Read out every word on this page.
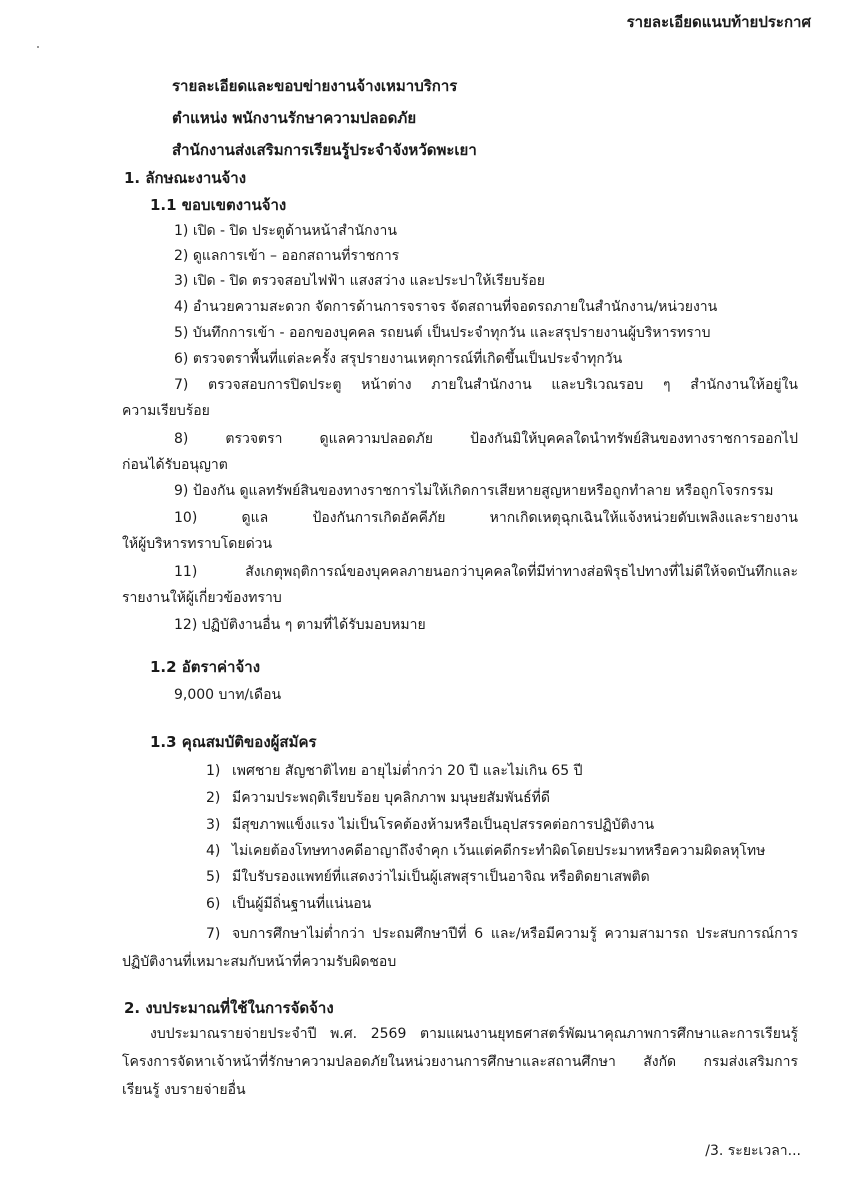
รายละเอียดแนบท้ายประกาศ
รายละเอียดและขอบข่ายงานจ้างเหมาบริการ
ตำแหน่ง พนักงานรักษาความปลอดภัย
สำนักงานส่งเสริมการเรียนรู้ประจำจังหวัดพะเยา
1. ลักษณะงานจ้าง
1.1 ขอบเขตงานจ้าง
1) เปิด - ปิด ประตูด้านหน้าสำนักงาน
2) ดูแลการเข้า – ออกสถานที่ราชการ
3) เปิด - ปิด ตรวจสอบไฟฟ้า แสงสว่าง และประปาให้เรียบร้อย
4) อำนวยความสะดวก จัดการด้านการจราจร จัดสถานที่จอดรถภายในสำนักงาน/หน่วยงาน
5) บันทึกการเข้า - ออกของบุคคล รถยนต์ เป็นประจำทุกวัน และสรุปรายงานผู้บริหารทราบ
6) ตรวจตราพื้นที่แต่ละครั้ง สรุปรายงานเหตุการณ์ที่เกิดขึ้นเป็นประจำทุกวัน
7) ตรวจสอบการปิดประตู หน้าต่าง ภายในสำนักงาน และบริเวณรอบ ๆ สำนักงานให้อยู่ใน
ความเรียบร้อย
8) ตรวจตรา ดูแลความปลอดภัย ป้องกันมิให้บุคคลใดนำทรัพย์สินของทางราชการออกไป
ก่อนได้รับอนุญาต
9) ป้องกัน ดูแลทรัพย์สินของทางราชการไม่ให้เกิดการเสียหายสูญหายหรือถูกทำลาย หรือถูกโจรกรรม
10) ดูแล ป้องกันการเกิดอัคคีภัย หากเกิดเหตุฉุกเฉินให้แจ้งหน่วยดับเพลิงและรายงาน
ให้ผู้บริหารทราบโดยด่วน
11) สังเกตุพฤติการณ์ของบุคคลภายนอกว่าบุคคลใดที่มีท่าทางส่อพิรุธไปทางที่ไม่ดีให้จดบันทึกและ
รายงานให้ผู้เกี่ยวข้องทราบ
12) ปฏิบัติงานอื่น ๆ ตามที่ได้รับมอบหมาย
1.2 อัตราค่าจ้าง
9,000 บาท/เดือน
1.3 คุณสมบัติของผู้สมัคร
1) เพศชาย สัญชาติไทย อายุไม่ต่ำกว่า 20 ปี และไม่เกิน 65 ปี
2) มีความประพฤติเรียบร้อย บุคลิกภาพ มนุษยสัมพันธ์ที่ดี
3) มีสุขภาพแข็งแรง ไม่เป็นโรคต้องห้ามหรือเป็นอุปสรรคต่อการปฏิบัติงาน
4) ไม่เคยต้องโทษทางคดีอาญาถึงจำคุก เว้นแต่คดีกระทำผิดโดยประมาทหรือความผิดลหุโทษ
5) มีใบรับรองแพทย์ที่แสดงว่าไม่เป็นผู้เสพสุราเป็นอาจิณ หรือติดยาเสพติด
6) เป็นผู้มีถิ่นฐานที่แน่นอน
7) จบการศึกษาไม่ต่ำกว่า ประถมศึกษาปีที่ 6 และ/หรือมีความรู้ ความสามารถ ประสบการณ์การ
ปฏิบัติงานที่เหมาะสมกับหน้าที่ความรับผิดชอบ
2. งบประมาณที่ใช้ในการจัดจ้าง
งบประมาณรายจ่ายประจำปี พ.ศ. 2569 ตามแผนงานยุทธศาสตร์พัฒนาคุณภาพการศึกษาและการเรียนรู้
โครงการจัดหาเจ้าหน้าที่รักษาความปลอดภัยในหน่วยงานการศึกษาและสถานศึกษา สังกัด กรมส่งเสริมการ
เรียนรู้ งบรายจ่ายอื่น
/3. ระยะเวลา...
